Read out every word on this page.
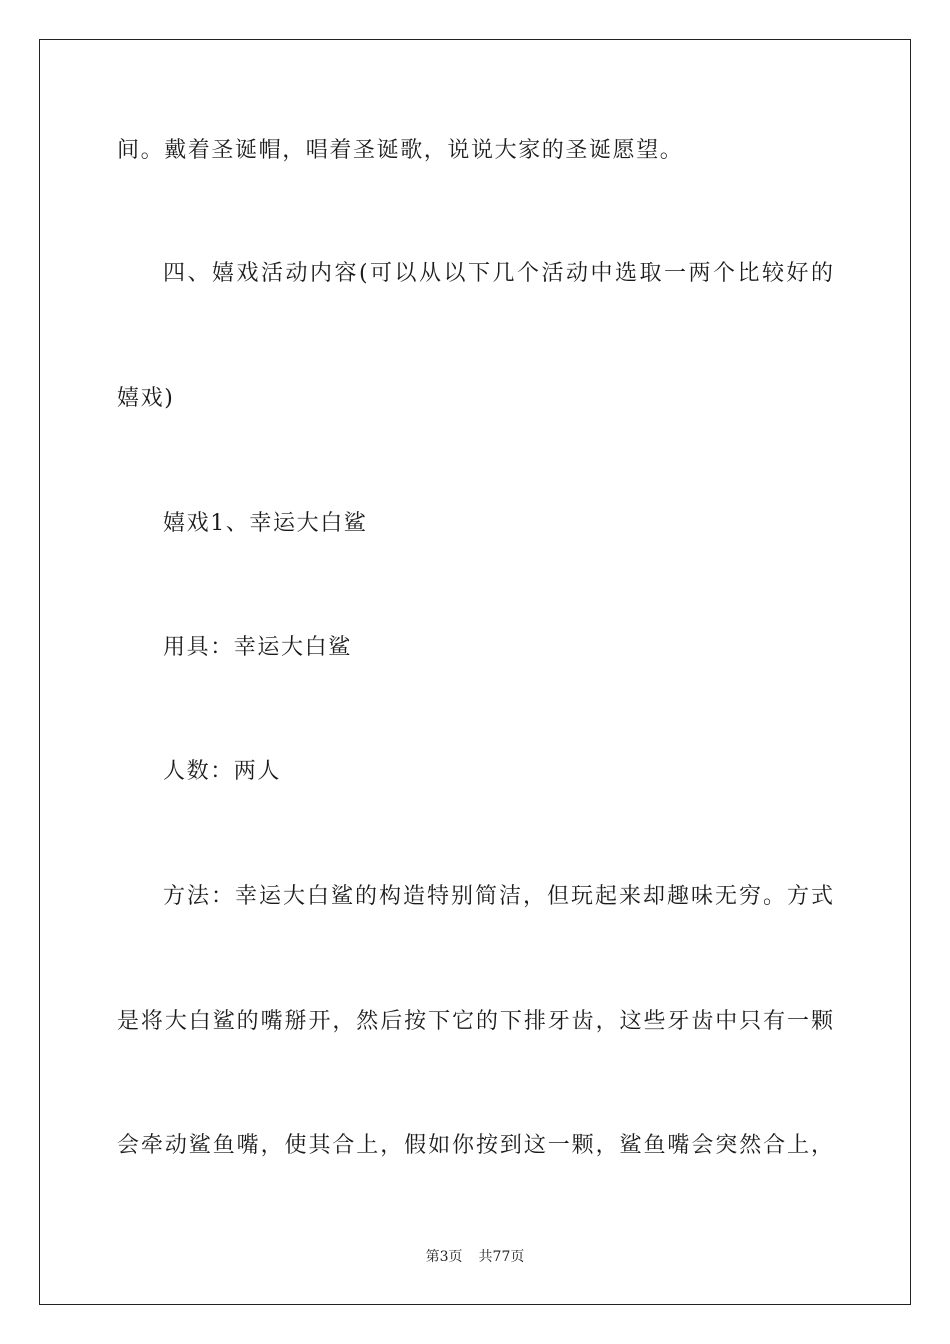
间。戴着圣诞帽，唱着圣诞歌，说说大家的圣诞愿望。
四、嬉戏活动内容(可以从以下几个活动中选取一两个比较好的
嬉戏)
嬉戏1、幸运大白鲨
用具：幸运大白鲨
人数：两人
方法：幸运大白鲨的构造特别简洁，但玩起来却趣味无穷。方式
是将大白鲨的嘴掰开，然后按下它的下排牙齿，这些牙齿中只有一颗
会牵动鲨鱼嘴，使其合上，假如你按到这一颗，鲨鱼嘴会突然合上，
第3页 共77页
